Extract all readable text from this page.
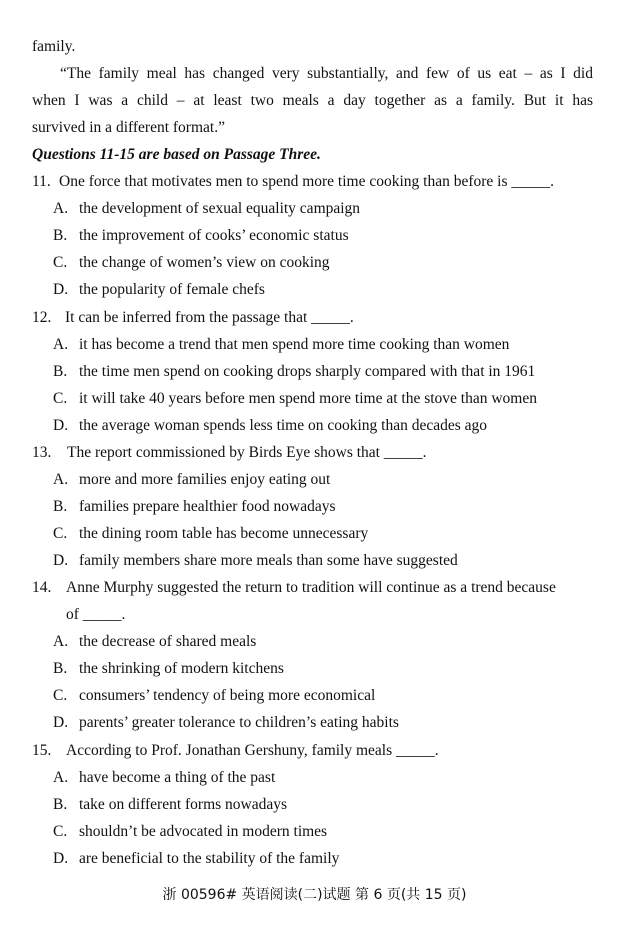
family.
“The family meal has changed very substantially, and few of us eat – as I did
when I was a child – at least two meals a day together as a family. But it has
survived in a different format.”
Questions 11-15 are based on Passage Three.
11. One force that motivates men to spend more time cooking than before is _____.
A. the development of sexual equality campaign
B. the improvement of cooks’ economic status
C. the change of women’s view on cooking
D. the popularity of female chefs
12. It can be inferred from the passage that _____.
A. it has become a trend that men spend more time cooking than women
B. the time men spend on cooking drops sharply compared with that in 1961
C. it will take 40 years before men spend more time at the stove than women
D. the average woman spends less time on cooking than decades ago
13. The report commissioned by Birds Eye shows that _____.
A. more and more families enjoy eating out
B. families prepare healthier food nowadays
C. the dining room table has become unnecessary
D. family members share more meals than some have suggested
14. Anne Murphy suggested the return to tradition will continue as a trend because
of _____.
A. the decrease of shared meals
B. the shrinking of modern kitchens
C. consumers’ tendency of being more economical
D. parents’ greater tolerance to children’s eating habits
15. According to Prof. Jonathan Gershuny, family meals _____.
A. have become a thing of the past
B. take on different forms nowadays
C. shouldn’t be advocated in modern times
D. are beneficial to the stability of the family
浙 00596# 英语阅读(二)试题 第 6 页(共 15 页)
